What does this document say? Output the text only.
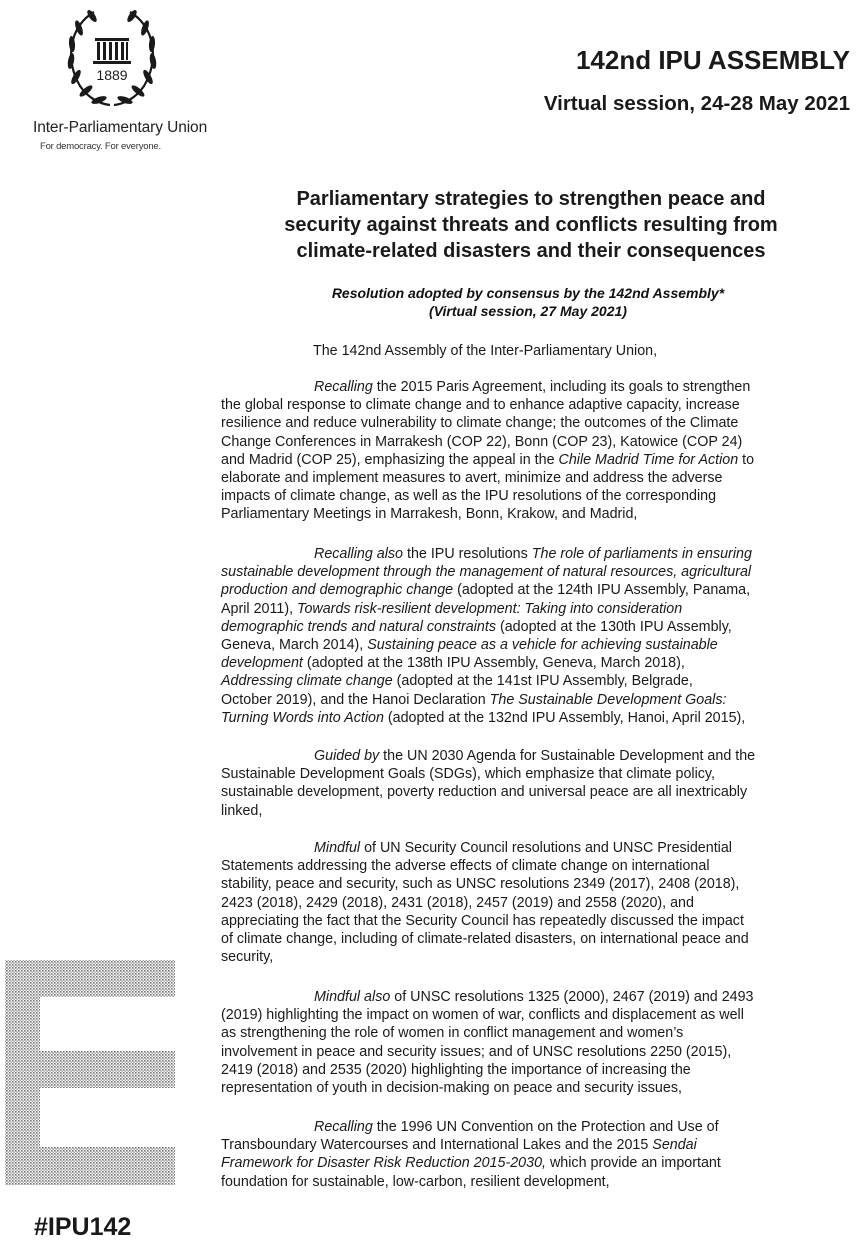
1889
Inter-Parliamentary Union
For democracy. For everyone.
142nd IPU ASSEMBLY
Virtual session, 24-28 May 2021
Parliamentary strategies to strengthen peace and
security against threats and conflicts resulting from
climate-related disasters and their consequences
Resolution adopted by consensus by the 142nd Assembly*
(Virtual session, 27 May 2021)
The 142nd Assembly of the Inter-Parliamentary Union,
Recalling the 2015 Paris Agreement, including its goals to strengthen
the global response to climate change and to enhance adaptive capacity, increase
resilience and reduce vulnerability to climate change; the outcomes of the Climate
Change Conferences in Marrakesh (COP 22), Bonn (COP 23), Katowice (COP 24)
and Madrid (COP 25), emphasizing the appeal in the Chile Madrid Time for Action to
elaborate and implement measures to avert, minimize and address the adverse
impacts of climate change, as well as the IPU resolutions of the corresponding
Parliamentary Meetings in Marrakesh, Bonn, Krakow, and Madrid,
Recalling also the IPU resolutions The role of parliaments in ensuring
sustainable development through the management of natural resources, agricultural
production and demographic change (adopted at the 124th IPU Assembly, Panama,
April 2011), Towards risk-resilient development: Taking into consideration
demographic trends and natural constraints (adopted at the 130th IPU Assembly,
Geneva, March 2014), Sustaining peace as a vehicle for achieving sustainable
development (adopted at the 138th IPU Assembly, Geneva, March 2018),
Addressing climate change (adopted at the 141st IPU Assembly, Belgrade,
October 2019), and the Hanoi Declaration The Sustainable Development Goals:
Turning Words into Action (adopted at the 132nd IPU Assembly, Hanoi, April 2015),
Guided by the UN 2030 Agenda for Sustainable Development and the
Sustainable Development Goals (SDGs), which emphasize that climate policy,
sustainable development, poverty reduction and universal peace are all inextricably
linked,
Mindful of UN Security Council resolutions and UNSC Presidential
Statements addressing the adverse effects of climate change on international
stability, peace and security, such as UNSC resolutions 2349 (2017), 2408 (2018),
2423 (2018), 2429 (2018), 2431 (2018), 2457 (2019) and 2558 (2020), and
appreciating the fact that the Security Council has repeatedly discussed the impact
of climate change, including of climate-related disasters, on international peace and
security,
Mindful also of UNSC resolutions 1325 (2000), 2467 (2019) and 2493
(2019) highlighting the impact on women of war, conflicts and displacement as well
as strengthening the role of women in conflict management and women’s
involvement in peace and security issues; and of UNSC resolutions 2250 (2015),
2419 (2018) and 2535 (2020) highlighting the importance of increasing the
representation of youth in decision-making on peace and security issues,
Recalling the 1996 UN Convention on the Protection and Use of
Transboundary Watercourses and International Lakes and the 2015 Sendai
Framework for Disaster Risk Reduction 2015-2030, which provide an important
foundation for sustainable, low-carbon, resilient development,
E
#IPU142
